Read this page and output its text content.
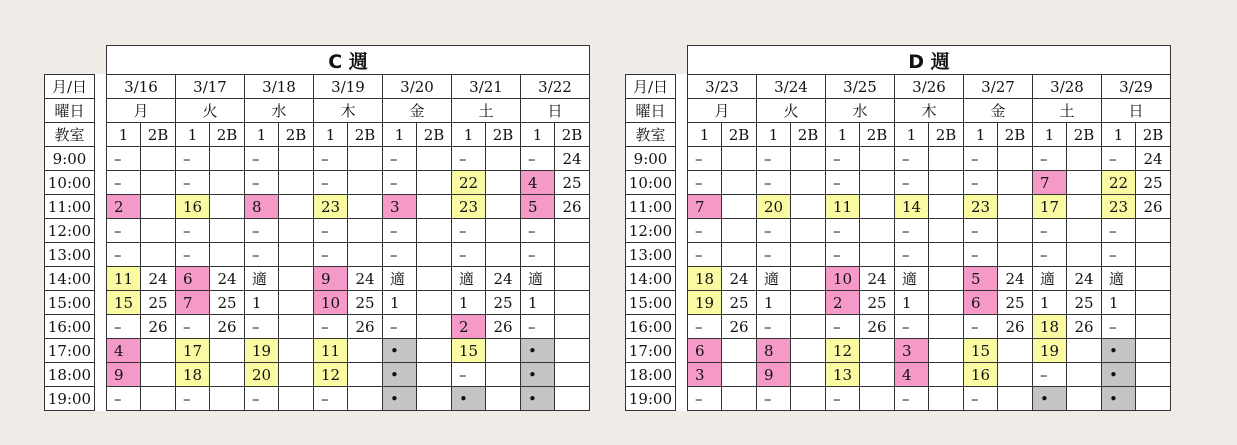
C 週
月/日		3/16		3/17		3/18		3/19		3/20		3/21		3/22	
曜日		月		火		水		木		金		土		日	
教室		1	2B	1	2B	1	2B	1	2B	1	2B	1	2B	1	2B
9:00		–		–		–		–		–		–		–	24
10:00		–		–		–		–		–		22		4	25
11:00		2		16		8		23		3		23		5	26
12:00		–		–		–		–		–		–		–	
13:00		–		–		–		–		–		–		–	
14:00		11	24	6	24	適		9	24	適		適	24	適	
15:00		15	25	7	25	1		10	25	1		1	25	1	
16:00		–	26	–	26	–		–	26	–		2	26	–	
17:00		4		17		19		11		•		15		•	
18:00		9		18		20		12		•		–		•	
19:00		–		–		–		–		•		•		•	
D 週
月/日		3/23		3/24		3/25		3/26		3/27		3/28		3/29	
曜日		月		火		水		木		金		土		日	
教室		1	2B	1	2B	1	2B	1	2B	1	2B	1	2B	1	2B
9:00		–		–		–		–		–		–		–	24
10:00		–		–		–		–		–		7		22	25
11:00		7		20		11		14		23		17		23	26
12:00		–		–		–		–		–		–		–	
13:00		–		–		–		–		–		–		–	
14:00		18	24	適		10	24	適		5	24	適	24	適	
15:00		19	25	1		2	25	1		6	25	1	25	1	
16:00		–	26	–		–	26	–		–	26	18	26	–	
17:00		6		8		12		3		15		19		•	
18:00		3		9		13		4		16		–		•	
19:00		–		–		–		–		–		•		•	
